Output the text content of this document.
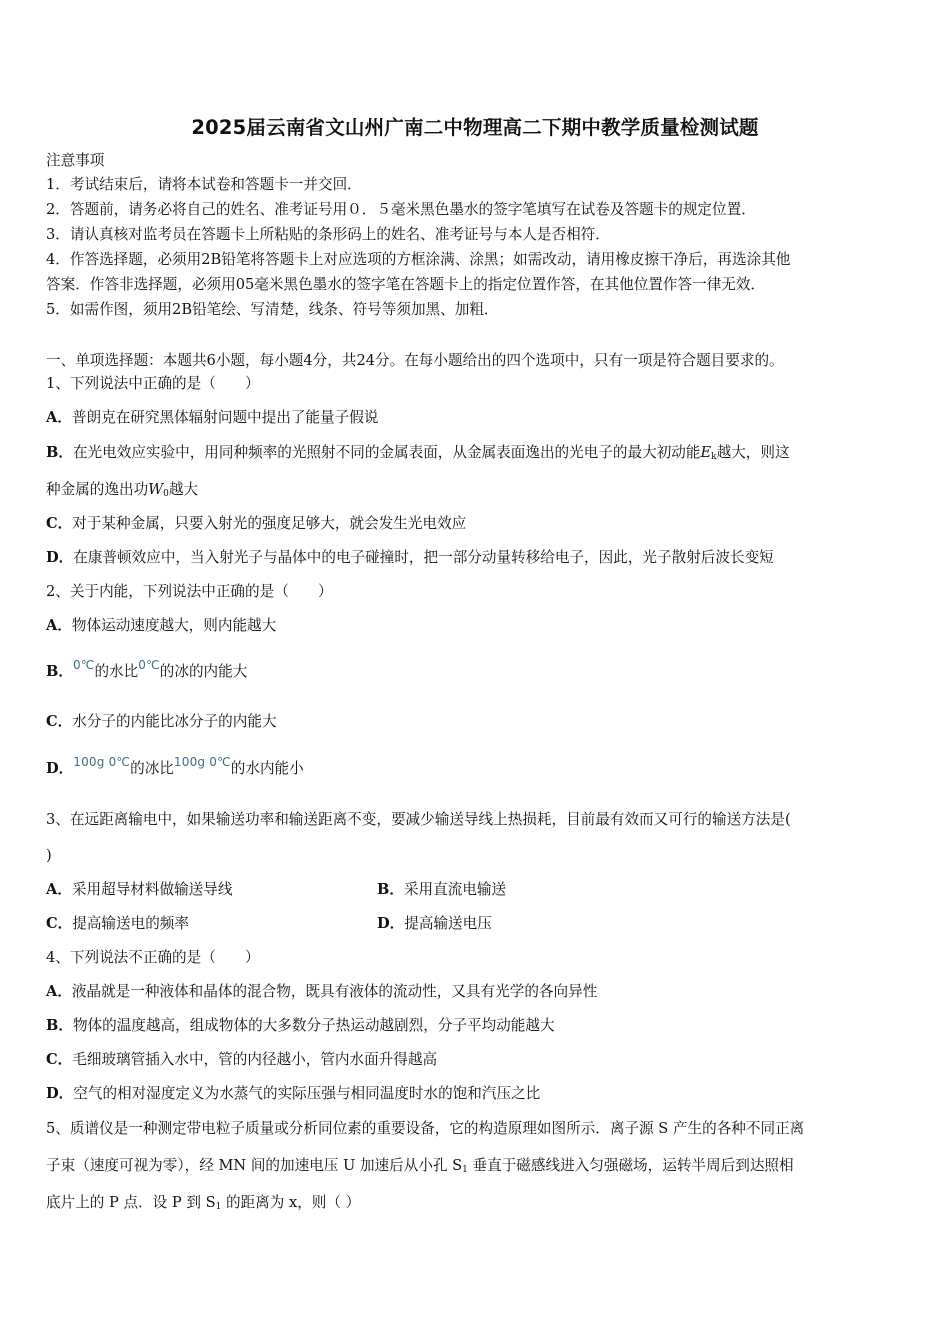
2025届云南省文山州广南二中物理高二下期中教学质量检测试题
注意事项
1．考试结束后，请将本试卷和答题卡一并交回．
2．答题前，请务必将自己的姓名、准考证号用０．５毫米黑色墨水的签字笔填写在试卷及答题卡的规定位置．
3．请认真核对监考员在答题卡上所粘贴的条形码上的姓名、准考证号与本人是否相符．
4．作答选择题，必须用2B铅笔将答题卡上对应选项的方框涂满、涂黑；如需改动，请用橡皮擦干净后，再选涂其他
答案．作答非选择题，必须用05毫米黑色墨水的签字笔在答题卡上的指定位置作答，在其他位置作答一律无效．
5．如需作图，须用2B铅笔绘、写清楚，线条、符号等须加黑、加粗．
一、单项选择题：本题共6小题，每小题4分，共24分。在每小题给出的四个选项中，只有一项是符合题目要求的。
1、下列说法中正确的是（　　）
A．普朗克在研究黑体辐射问题中提出了能量子假说
B．在光电效应实验中，用同种频率的光照射不同的金属表面，从金属表面逸出的光电子的最大初动能$E_k$越大，则这
种金属的逸出功$W_0$越大
C．对于某种金属，只要入射光的强度足够大，就会发生光电效应
D．在康普顿效应中，当入射光子与晶体中的电子碰撞时，把一部分动量转移给电子，因此，光子散射后波长变短
2、关于内能，下列说法中正确的是（　　）
A．物体运动速度越大，则内能越大
B．0℃的水比0℃的冰的内能大
C．水分子的内能比冰分子的内能大
D．100g 0℃的冰比100g 0℃的水内能小
3、在远距离输电中，如果输送功率和输送距离不变，要减少输送导线上热损耗，目前最有效而又可行的输送方法是(
)
A．采用超导材料做输送导线	B．采用直流电输送
C．提高输送电的频率	D．提高输送电压
4、下列说法不正确的是（　　）
A．液晶就是一种液体和晶体的混合物，既具有液体的流动性，又具有光学的各向异性
B．物体的温度越高，组成物体的大多数分子热运动越剧烈，分子平均动能越大
C．毛细玻璃管插入水中，管的内径越小，管内水面升得越高
D．空气的相对湿度定义为水蒸气的实际压强与相同温度时水的饱和汽压之比
5、质谱仪是一种测定带电粒子质量或分析同位素的重要设备，它的构造原理如图所示．离子源 S 产生的各种不同正离
子束（速度可视为零），经 MN 间的加速电压 U 加速后从小孔 $S_1$ 垂直于磁感线进入匀强磁场，运转半周后到达照相
底片上的 P 点．设 P 到 $S_1$ 的距离为 x，则（ ）
